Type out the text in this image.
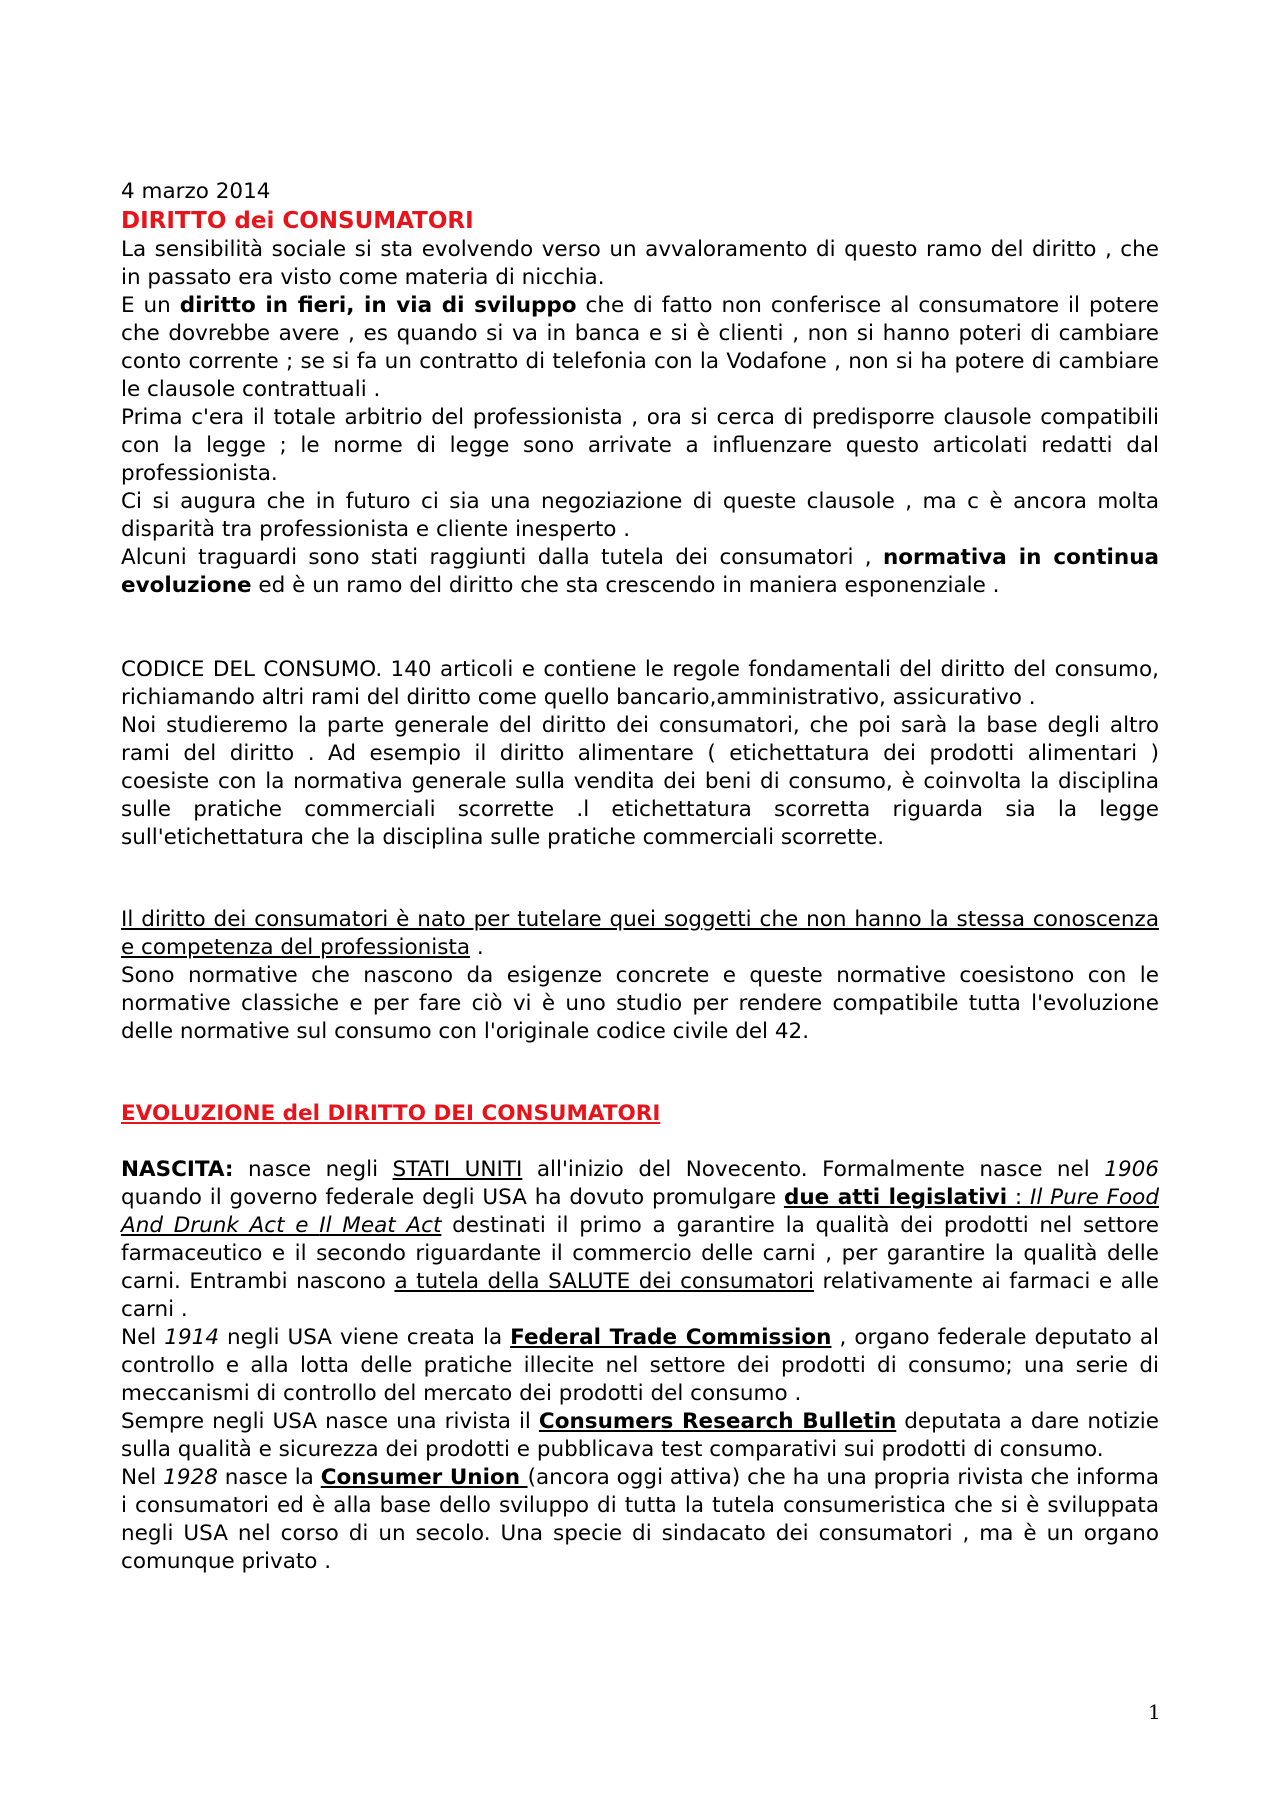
4 marzo 2014

DIRITTO dei CONSUMATORI

La sensibilità sociale si sta evolvendo verso un avvaloramento di questo ramo del diritto , che in passato era visto come materia di nicchia.

E un diritto in fieri, in via di sviluppo che di fatto non conferisce al consumatore il potere che dovrebbe avere , es quando si va in banca e si è clienti , non si hanno poteri di cambiare conto corrente ; se si fa un contratto di telefonia con la Vodafone , non si ha potere di cambiare le clausole contrattuali .

Prima c'era il totale arbitrio del professionista , ora si cerca di predisporre clausole compatibili con la legge ; le norme di legge sono arrivate a influenzare questo articolati redatti dal professionista.

Ci si augura che in futuro ci sia una negoziazione di queste clausole , ma c è ancora molta disparità tra professionista e cliente inesperto .

Alcuni traguardi sono stati raggiunti dalla tutela dei consumatori , normativa in continua evoluzione ed è un ramo del diritto che sta crescendo in maniera esponenziale .

CODICE DEL CONSUMO. 140 articoli e contiene le regole fondamentali del diritto del consumo, richiamando altri rami del diritto come quello bancario,amministrativo, assicurativo .

Noi studieremo la parte generale del diritto dei consumatori, che poi sarà la base degli altro rami del diritto . Ad esempio il diritto alimentare ( etichettatura dei prodotti alimentari ) coesiste con la normativa generale sulla vendita dei beni di consumo, è coinvolta la disciplina sulle pratiche commerciali scorrette .l etichettatura scorretta riguarda sia la legge sull'etichettatura che la disciplina sulle pratiche commerciali scorrette.

Il diritto dei consumatori è nato per tutelare quei soggetti che non hanno la stessa conoscenza e competenza del professionista .

Sono normative che nascono da esigenze concrete e queste normative coesistono con le normative classiche e per fare ciò vi è uno studio per rendere compatibile tutta l'evoluzione delle normative sul consumo con l'originale codice civile del 42.

EVOLUZIONE del DIRITTO DEI CONSUMATORI

NASCITA: nasce negli STATI UNITI all'inizio del Novecento. Formalmente nasce nel 1906 quando il governo federale degli USA ha dovuto promulgare due atti legislativi : Il Pure Food And Drunk Act e Il Meat Act destinati il primo a garantire la qualità dei prodotti nel settore farmaceutico e il secondo riguardante il commercio delle carni , per garantire la qualità delle carni. Entrambi nascono a tutela della SALUTE dei consumatori relativamente ai farmaci e alle carni .

Nel 1914 negli USA viene creata la Federal Trade Commission , organo federale deputato al controllo e alla lotta delle pratiche illecite nel settore dei prodotti di consumo; una serie di meccanismi di controllo del mercato dei prodotti del consumo .

Sempre negli USA nasce una rivista il Consumers Research Bulletin deputata a dare notizie sulla qualità e sicurezza dei prodotti e pubblicava test comparativi sui prodotti di consumo.

Nel 1928 nasce la Consumer Union (ancora oggi attiva) che ha una propria rivista che informa i consumatori ed è alla base dello sviluppo di tutta la tutela consumeristica che si è sviluppata negli USA nel corso di un secolo. Una specie di sindacato dei consumatori , ma è un organo comunque privato .

1
